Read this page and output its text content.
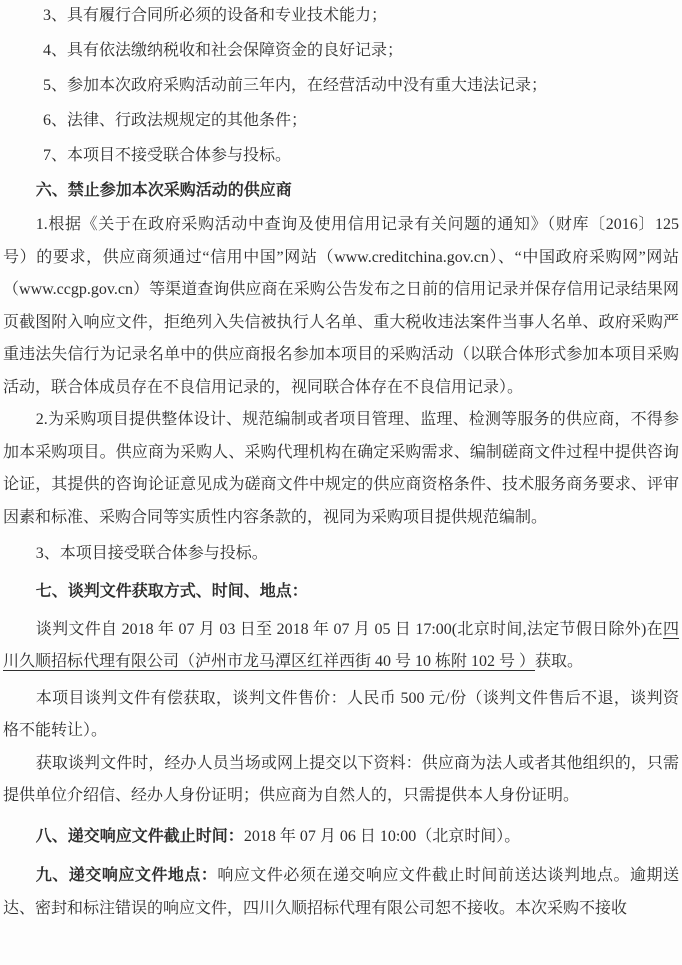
3、具有履行合同所必须的设备和专业技术能力；

4、具有依法缴纳税收和社会保障资金的良好记录；

5、参加本次政府采购活动前三年内，在经营活动中没有重大违法记录；

6、法律、行政法规规定的其他条件；

7、本项目不接受联合体参与投标。

六、禁止参加本次采购活动的供应商

1.根据《关于在政府采购活动中查询及使用信用记录有关问题的通知》（财库〔2016〕125 号）的要求，供应商须通过“信用中国”网站（www.creditchina.gov.cn）、“中国政府采购网”网站（www.ccgp.gov.cn）等渠道查询供应商在采购公告发布之日前的信用记录并保存信用记录结果网页截图附入响应文件，拒绝列入失信被执行人名单、重大税收违法案件当事人名单、政府采购严重违法失信行为记录名单中的供应商报名参加本项目的采购活动（以联合体形式参加本项目采购活动，联合体成员存在不良信用记录的，视同联合体存在不良信用记录）。

2.为采购项目提供整体设计、规范编制或者项目管理、监理、检测等服务的供应商，不得参加本采购项目。供应商为采购人、采购代理机构在确定采购需求、编制磋商文件过程中提供咨询论证，其提供的咨询论证意见成为磋商文件中规定的供应商资格条件、技术服务商务要求、评审因素和标准、采购合同等实质性内容条款的，视同为采购项目提供规范编制。

3、本项目接受联合体参与投标。

七、谈判文件获取方式、时间、地点：

谈判文件自 2018 年 07 月 03 日至 2018 年 07 月 05 日 17:00(北京时间,法定节假日除外)在四川久顺招标代理有限公司（泸州市龙马潭区红祥西街 40 号 10 栋附 102 号 ）获取。

本项目谈判文件有偿获取，谈判文件售价：人民币 500 元/份（谈判文件售后不退，谈判资格不能转让）。

获取谈判文件时，经办人员当场或网上提交以下资料：供应商为法人或者其他组织的，只需提供单位介绍信、经办人身份证明；供应商为自然人的，只需提供本人身份证明。

八、递交响应文件截止时间：2018 年 07 月 06 日 10:00（北京时间）。

九、递交响应文件地点：响应文件必须在递交响应文件截止时间前送达谈判地点。逾期送达、密封和标注错误的响应文件，四川久顺招标代理有限公司恕不接收。本次采购不接收
